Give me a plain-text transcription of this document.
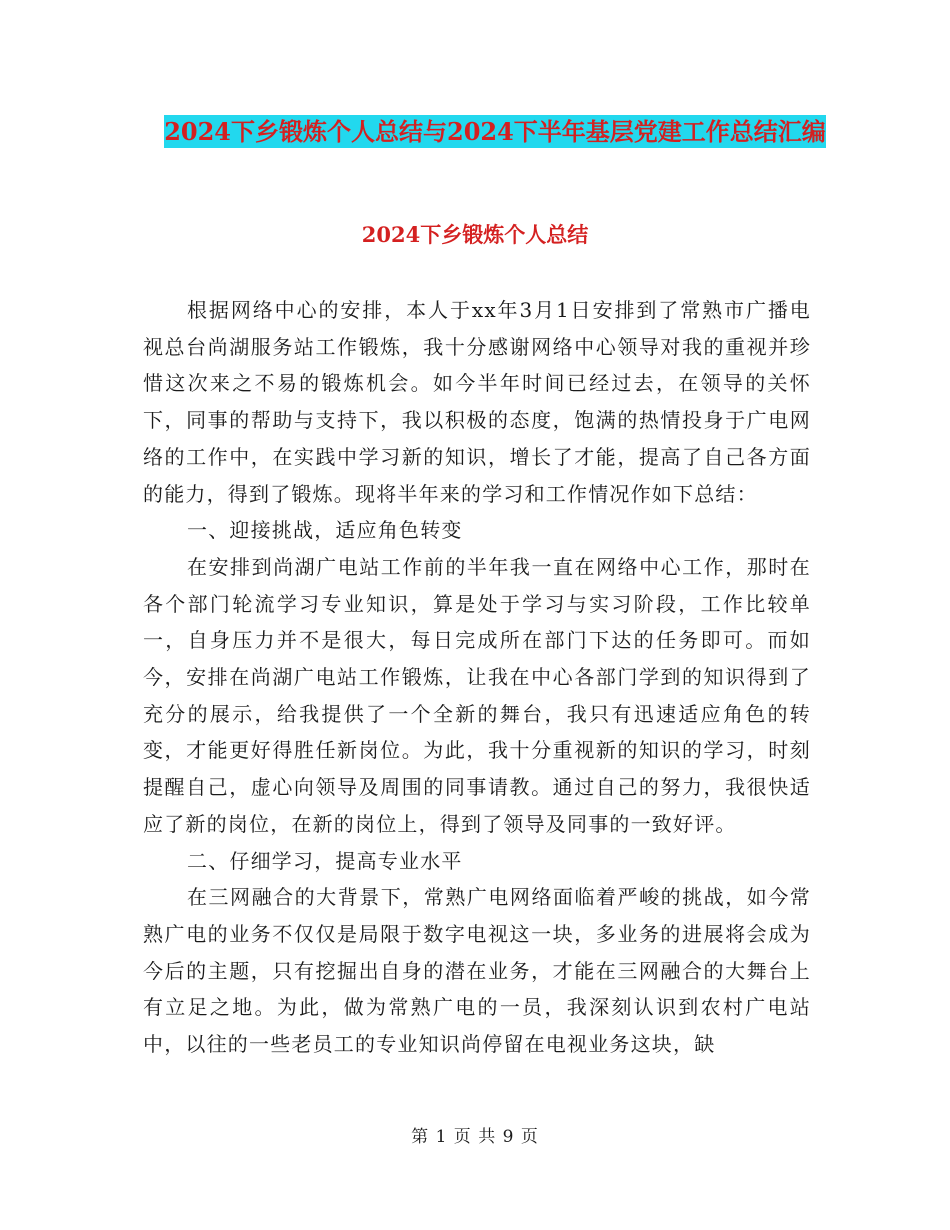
2024下乡锻炼个人总结与2024下半年基层党建工作总结汇编
2024下乡锻炼个人总结

根据网络中心的安排，本人于xx年3月1日安排到了常熟市广播电视总台尚湖服务站工作锻炼，我十分感谢网络中心领导对我的重视并珍惜这次来之不易的锻炼机会。如今半年时间已经过去，在领导的关怀下，同事的帮助与支持下，我以积极的态度，饱满的热情投身于广电网络的工作中，在实践中学习新的知识，增长了才能，提高了自己各方面的能力，得到了锻炼。现将半年来的学习和工作情况作如下总结：

一、迎接挑战，适应角色转变

在安排到尚湖广电站工作前的半年我一直在网络中心工作，那时在各个部门轮流学习专业知识，算是处于学习与实习阶段，工作比较单一，自身压力并不是很大，每日完成所在部门下达的任务即可。而如今，安排在尚湖广电站工作锻炼，让我在中心各部门学到的知识得到了充分的展示，给我提供了一个全新的舞台，我只有迅速适应角色的转变，才能更好得胜任新岗位。为此，我十分重视新的知识的学习，时刻提醒自己，虚心向领导及周围的同事请教。通过自己的努力，我很快适应了新的岗位，在新的岗位上，得到了领导及同事的一致好评。

二、仔细学习，提高专业水平

在三网融合的大背景下，常熟广电网络面临着严峻的挑战，如今常熟广电的业务不仅仅是局限于数字电视这一块，多业务的进展将会成为今后的主题，只有挖掘出自身的潜在业务，才能在三网融合的大舞台上有立足之地。为此，做为常熟广电的一员，我深刻认识到农村广电站中，以往的一些老员工的专业知识尚停留在电视业务这块，缺

第 1 页 共 9 页
